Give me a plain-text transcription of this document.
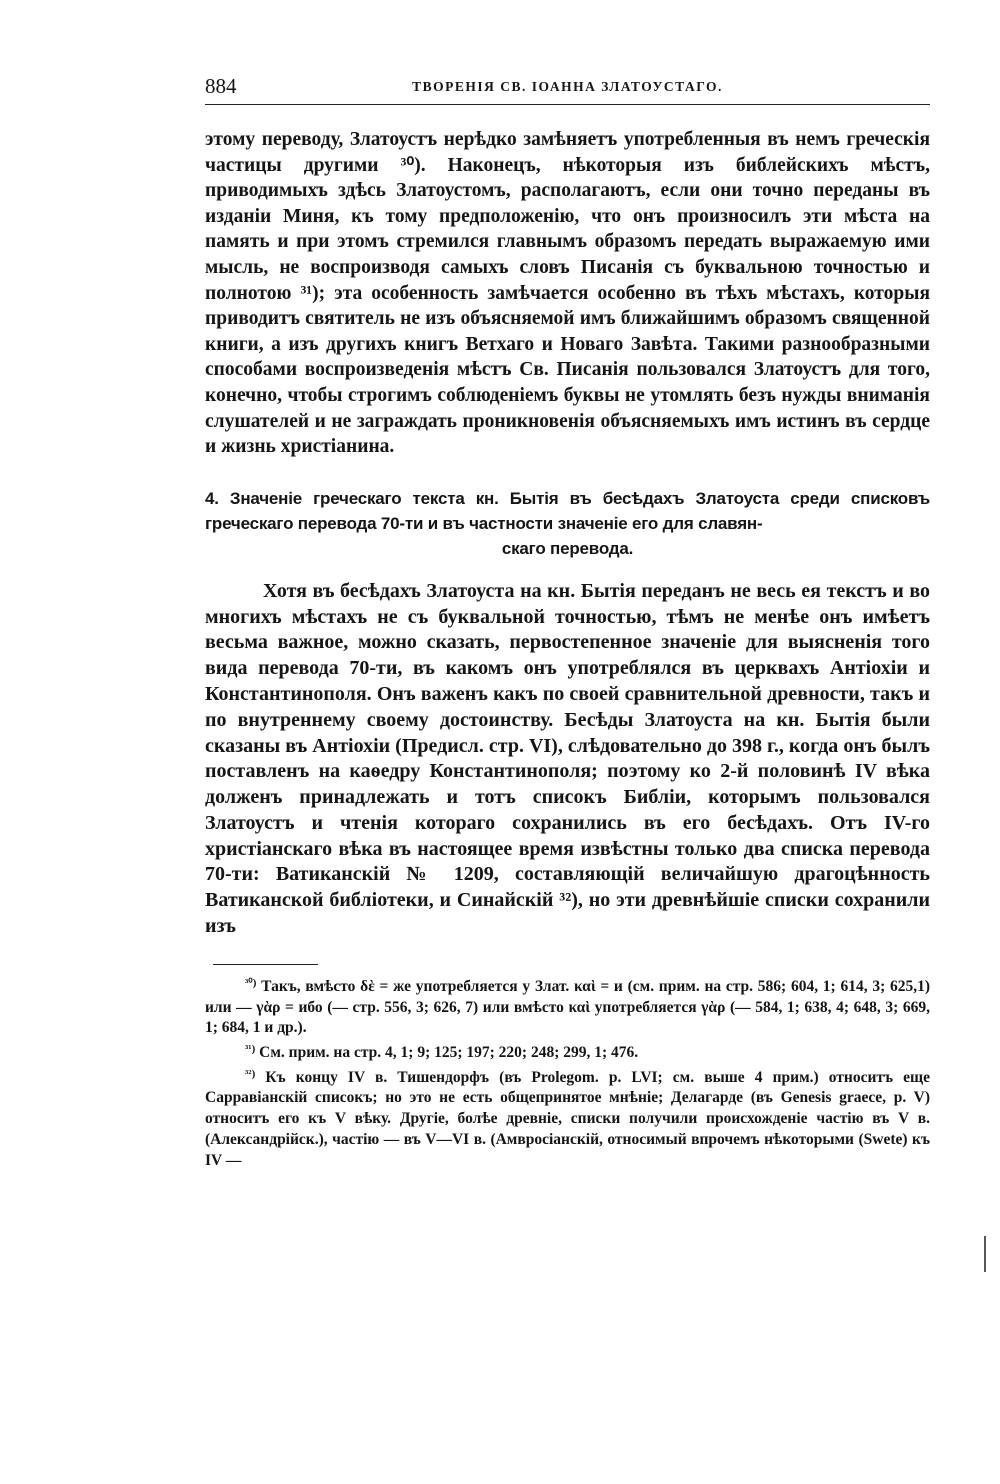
884	ТВОРЕНІЯ СВ. ІОАННА ЗЛАТОУСТАГО.

этому переводу, Златоустъ нерѣдко замѣняетъ употребленныя въ немъ греческія частицы другими ³⁰). Наконецъ, нѣкоторыя изъ библейскихъ мѣстъ, приводимыхъ здѣсь Златоустомъ, располагаютъ, если они точно переданы въ изданіи Миня, къ тому предположенію, что онъ произносилъ эти мѣста на память и при этомъ стремился главнымъ образомъ передать выражаемую ими мысль, не воспроизводя самыхъ словъ Писанія съ буквальною точностью и полнотою ³¹); эта особенность замѣчается особенно въ тѣхъ мѣстахъ, которыя приводитъ святитель не изъ объясняемой имъ ближайшимъ образомъ священной книги, а изъ другихъ книгъ Ветхаго и Новаго Завѣта. Такими разнообразными способами воспроизведенія мѣстъ Св. Писанія пользовался Златоустъ для того, конечно, чтобы строгимъ соблюденіемъ буквы не утомлять безъ нужды вниманія слушателей и не заграждать проникновенія объясняемыхъ имъ истинъ въ сердце и жизнь христіанина.

4. Значеніе греческаго текста кн. Бытія въ бесѣдахъ Златоуста среди списковъ греческаго перевода 70-ти и въ частности значеніе его для славян-
скаго перевода.

Хотя въ бесѣдахъ Златоуста на кн. Бытія переданъ не весь ея текстъ и во многихъ мѣстахъ не съ буквальной точностью, тѣмъ не менѣе онъ имѣетъ весьма важное, можно сказать, первостепенное значеніе для выясненія того вида перевода 70-ти, въ какомъ онъ употреблялся въ церквахъ Антіохіи и Константинополя. Онъ важенъ какъ по своей сравнительной древности, такъ и по внутреннему своему достоинству. Бесѣды Златоуста на кн. Бытія были сказаны въ Антіохіи (Предисл. стр. VI), слѣдовательно до 398 г., когда онъ былъ поставленъ на каѳедру Константинополя; поэтому ко 2-й половинѣ IV вѣка долженъ принадлежать и тотъ списокъ Библіи, которымъ пользовался Златоустъ и чтенія котораго сохранились въ его бесѣдахъ. Отъ IV-го христіанскаго вѣка въ настоящее время извѣстны только два списка перевода 70-ти: Ватиканскій № 1209, составляющій величайшую драгоцѣнность Ватиканской библіотеки, и Синайскій ³²), но эти древнѣйшіе списки сохранили изъ

$^{^{30})}$ Такъ, вмѣсто δὲ = же употребляется у Злат. καὶ = и (см. прим. на стр. 586; 604, 1; 614, 3; 625,1) или — γὰρ = ибо (— стр. 556, 3; 626, 7) или вмѣсто καὶ употребляется γὰρ (— 584, 1; 638, 4; 648, 3; 669, 1; 684, 1 и др.).

$^{^{31})}$ См. прим. на стр. 4, 1; 9; 125; 197; 220; 248; 299, 1; 476.

$^{^{32})}$ Къ концу IV в. Тишендорфъ (въ Prolegom. p. LVI; см. выше 4 прим.) относитъ еще Сарравіанскій списокъ; но это не есть общепринятое мнѣніе; Делагарде (въ Genesis graece, p. V) относитъ его къ V вѣку. Другіе, болѣе древніе, списки получили происхожденіе частію въ V в. (Александрійск.), частію — въ V—VI в. (Амвросіанскій, относимый впрочемъ нѣкоторыми (Swete) къ IV —
